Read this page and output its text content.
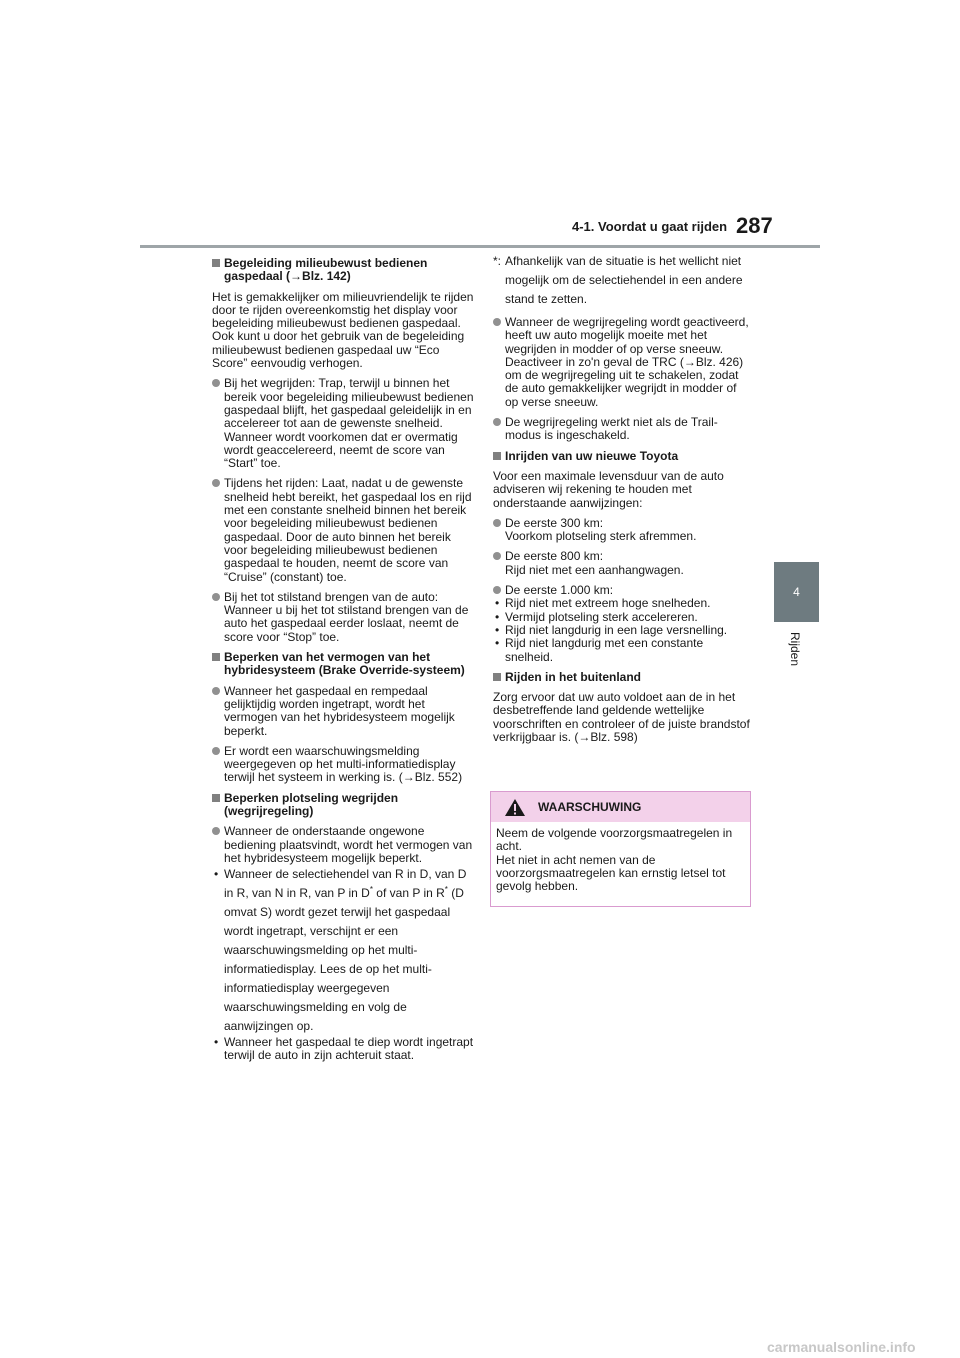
4-1. Voordat u gaat rijden 287
4
Rijden
Begeleiding milieubewust bedienen gaspedaal (→Blz. 142)
Het is gemakkelijker om milieuvriendelijk te rijden door te rijden overeenkomstig het display voor begeleiding milieubewust bedienen gaspedaal. Ook kunt u door het gebruik van de begeleiding milieubewust bedienen gaspedaal uw “Eco Score” eenvoudig verhogen.
Bij het wegrijden: Trap, terwijl u binnen het bereik voor begeleiding milieubewust bedienen gaspedaal blijft, het gaspedaal geleidelijk in en accelereer tot aan de gewenste snelheid. Wanneer wordt voorkomen dat er overmatig wordt geaccelereerd, neemt de score van “Start” toe.
Tijdens het rijden: Laat, nadat u de gewenste snelheid hebt bereikt, het gaspedaal los en rijd met een constante snelheid binnen het bereik voor begeleiding milieubewust bedienen gaspedaal. Door de auto binnen het bereik voor begeleiding milieubewust bedienen gaspedaal te houden, neemt de score van “Cruise” (constant) toe.
Bij het tot stilstand brengen van de auto: Wanneer u bij het tot stilstand brengen van de auto het gaspedaal eerder loslaat, neemt de score voor “Stop” toe.
Beperken van het vermogen van het hybridesysteem (Brake Override-systeem)
Wanneer het gaspedaal en rempedaal gelijktijdig worden ingetrapt, wordt het vermogen van het hybridesysteem mogelijk beperkt.
Er wordt een waarschuwingsmelding weergegeven op het multi-informatiedisplay terwijl het systeem in werking is. (→Blz. 552)
Beperken plotseling wegrijden (wegrijregeling)
Wanneer de onderstaande ongewone bediening plaatsvindt, wordt het vermogen van het hybridesysteem mogelijk beperkt.
• Wanneer de selectiehendel van R in D, van D in R, van N in R, van P in D* of van P in R* (D omvat S) wordt gezet terwijl het gaspedaal wordt ingetrapt, verschijnt er een waarschuwingsmelding op het multi-informatiedisplay. Lees de op het multi-informatiedisplay weergegeven waarschuwingsmelding en volg de aanwijzingen op.
• Wanneer het gaspedaal te diep wordt ingetrapt terwijl de auto in zijn achteruit staat.
*: Afhankelijk van de situatie is het wellicht niet mogelijk om de selectiehendel in een andere stand te zetten.
Wanneer de wegrijregeling wordt geactiveerd, heeft uw auto mogelijk moeite met het wegrijden in modder of op verse sneeuw. Deactiveer in zo'n geval de TRC (→Blz. 426) om de wegrijregeling uit te schakelen, zodat de auto gemakkelijker wegrijdt in modder of op verse sneeuw.
De wegrijregeling werkt niet als de Trail-modus is ingeschakeld.
Inrijden van uw nieuwe Toyota
Voor een maximale levensduur van de auto adviseren wij rekening te houden met onderstaande aanwijzingen:
De eerste 300 km:
Voorkom plotseling sterk afremmen.
De eerste 800 km:
Rijd niet met een aanhangwagen.
De eerste 1.000 km:
• Rijd niet met extreem hoge snelheden.
• Vermijd plotseling sterk accelereren.
• Rijd niet langdurig in een lage versnelling.
• Rijd niet langdurig met een constante snelheid.
Rijden in het buitenland
Zorg ervoor dat uw auto voldoet aan de in het desbetreffende land geldende wettelijke voorschriften en controleer of de juiste brandstof verkrijgbaar is. (→Blz. 598)
WAARSCHUWING
Neem de volgende voorzorgsmaatregelen in acht.
Het niet in acht nemen van de voorzorgsmaatregelen kan ernstig letsel tot gevolg hebben.
carmanualsonline.info
